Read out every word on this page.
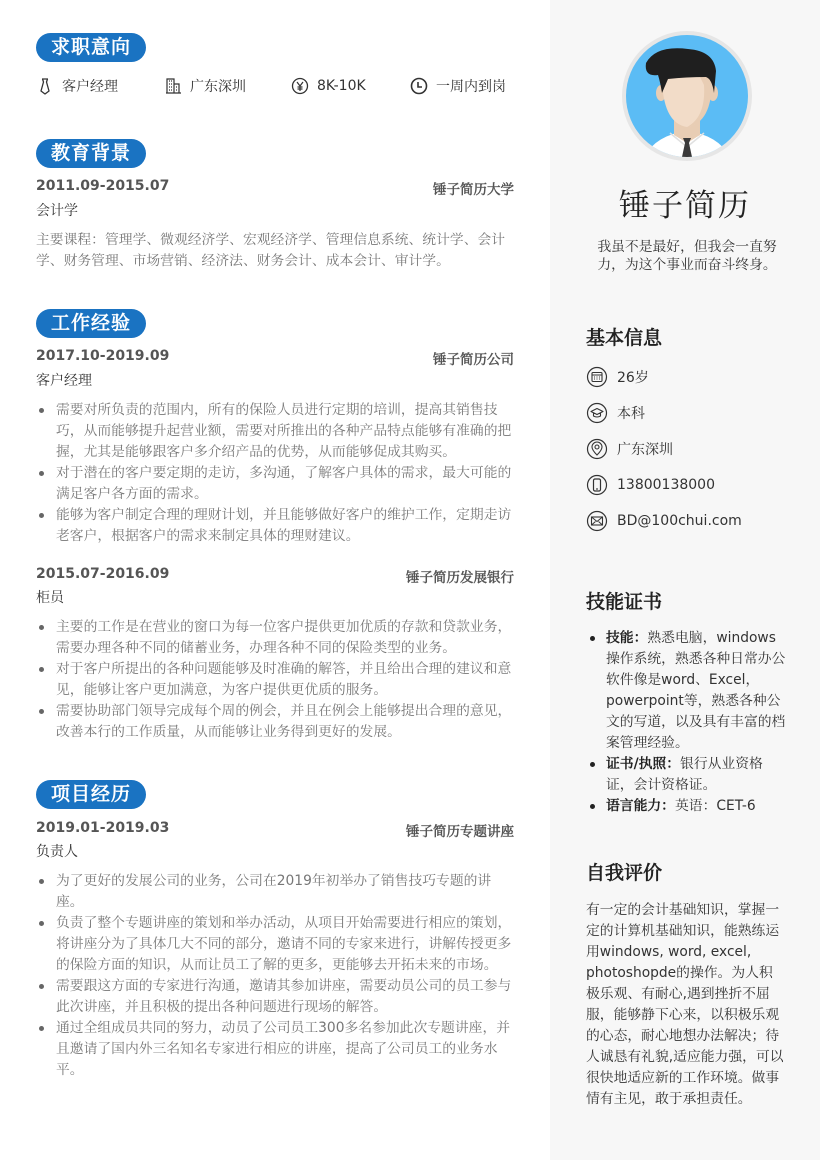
求职意向
客户经理	广东深圳	8K-10K	一周内到岗
教育背景
2011.09-2015.07	锤子简历大学
会计学
主要课程：管理学、微观经济学、宏观经济学、管理信息系统、统计学、会计学、财务管理、市场营销、经济法、财务会计、成本会计、审计学。
工作经验
2017.10-2019.09	锤子简历公司
客户经理
需要对所负责的范围内，所有的保险人员进行定期的培训，提高其销售技巧，从而能够提升起营业额，需要对所推出的各种产品特点能够有准确的把握，尤其是能够跟客户多介绍产品的优势，从而能够促成其购买。
对于潜在的客户要定期的走访，多沟通，了解客户具体的需求，最大可能的满足客户各方面的需求。
能够为客户制定合理的理财计划，并且能够做好客户的维护工作，定期走访老客户，根据客户的需求来制定具体的理财建议。
2015.07-2016.09	锤子简历发展银行
柜员
主要的工作是在营业的窗口为每一位客户提供更加优质的存款和贷款业务，需要办理各种不同的储蓄业务，办理各种不同的保险类型的业务。
对于客户所提出的各种问题能够及时准确的解答，并且给出合理的建议和意见，能够让客户更加满意，为客户提供更优质的服务。
需要协助部门领导完成每个周的例会，并且在例会上能够提出合理的意见，改善本行的工作质量，从而能够让业务得到更好的发展。
项目经历
2019.01-2019.03	锤子简历专题讲座
负责人
为了更好的发展公司的业务，公司在2019年初举办了销售技巧专题的讲座。
负责了整个专题讲座的策划和举办活动，从项目开始需要进行相应的策划，将讲座分为了具体几大不同的部分，邀请不同的专家来进行，讲解传授更多的保险方面的知识，从而让员工了解的更多，更能够去开拓未来的市场。
需要跟这方面的专家进行沟通，邀请其参加讲座，需要动员公司的员工参与此次讲座，并且积极的提出各种问题进行现场的解答。
通过全组成员共同的努力，动员了公司员工300多名参加此次专题讲座，并且邀请了国内外三名知名专家进行相应的讲座，提高了公司员工的业务水平。
锤子简历
我虽不是最好，但我会一直努力，为这个事业而奋斗终身。
基本信息
26岁
本科
广东深圳
13800138000
BD@100chui.com
技能证书
技能：熟悉电脑，windows操作系统，熟悉各种日常办公软件像是word、Excel，powerpoint等，熟悉各种公文的写道，以及具有丰富的档案管理经验。
证书/执照：银行从业资格证，会计资格证。
语言能力：英语：CET-6
自我评价
有一定的会计基础知识，掌握一定的计算机基础知识，能熟练运用windows, word, excel, photoshopde的操作。为人积极乐观、有耐心,遇到挫折不屈服，能够静下心来，以积极乐观的心态，耐心地想办法解决；待人诚恳有礼貌,适应能力强，可以很快地适应新的工作环境。做事情有主见，敢于承担责任。
